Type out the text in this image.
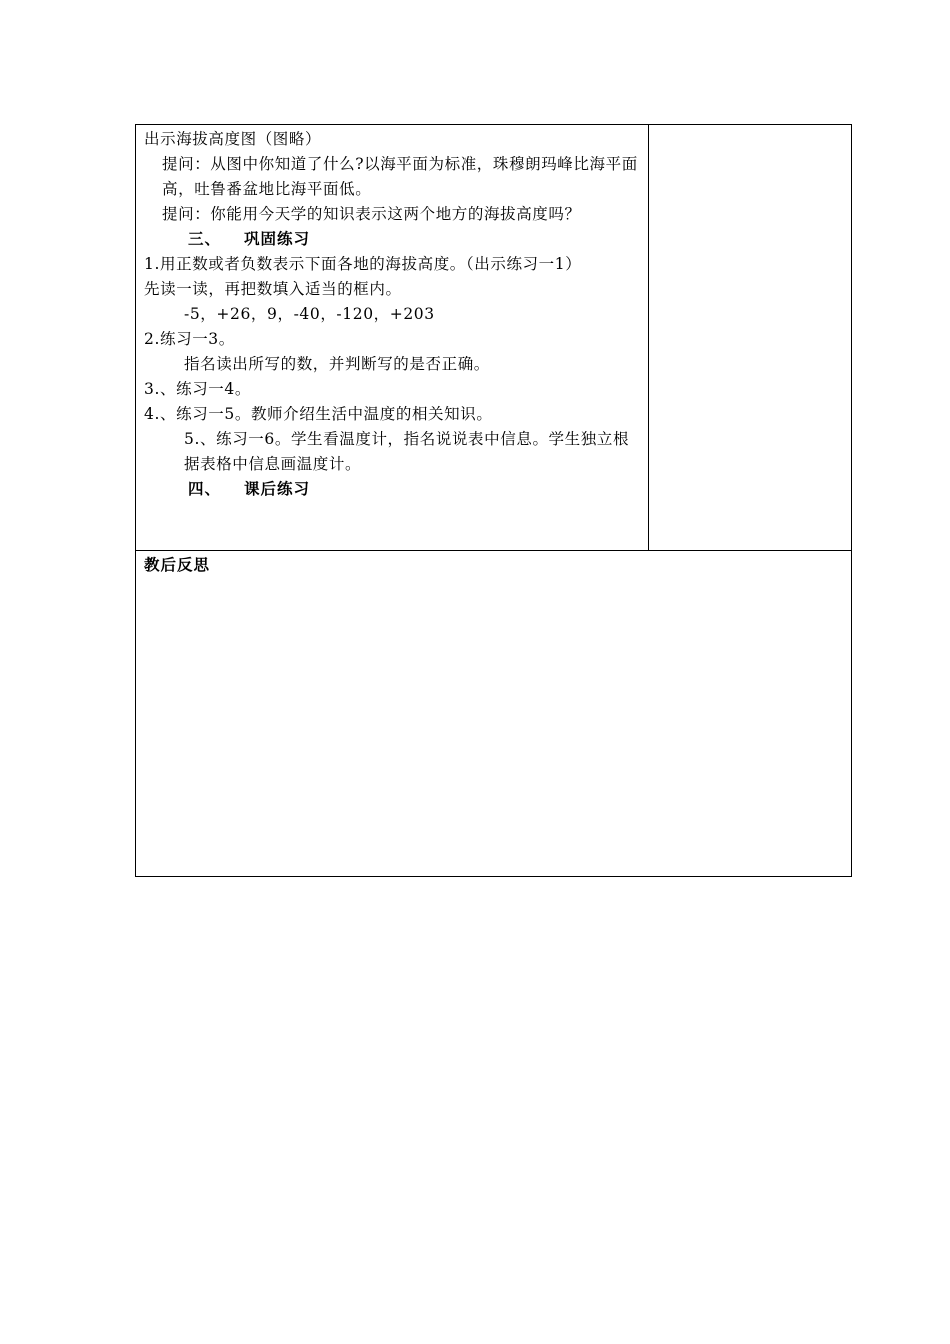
出示海拔高度图（图略）
提问：从图中你知道了什么?以海平面为标准，珠穆朗玛峰比海平面高，吐鲁番盆地比海平面低。
提问：你能用今天学的知识表示这两个地方的海拔高度吗？
三、 巩固练习
1.用正数或者负数表示下面各地的海拔高度。（出示练习一1）
先读一读，再把数填入适当的框内。
-5，+26，9，-40，-120，+203
2.练习一3。
指名读出所写的数，并判断写的是否正确。
3.、练习一4。
4.、练习一5。教师介绍生活中温度的相关知识。
5.、练习一6。学生看温度计，指名说说表中信息。学生独立根据表格中信息画温度计。
四、 课后练习

教后反思
